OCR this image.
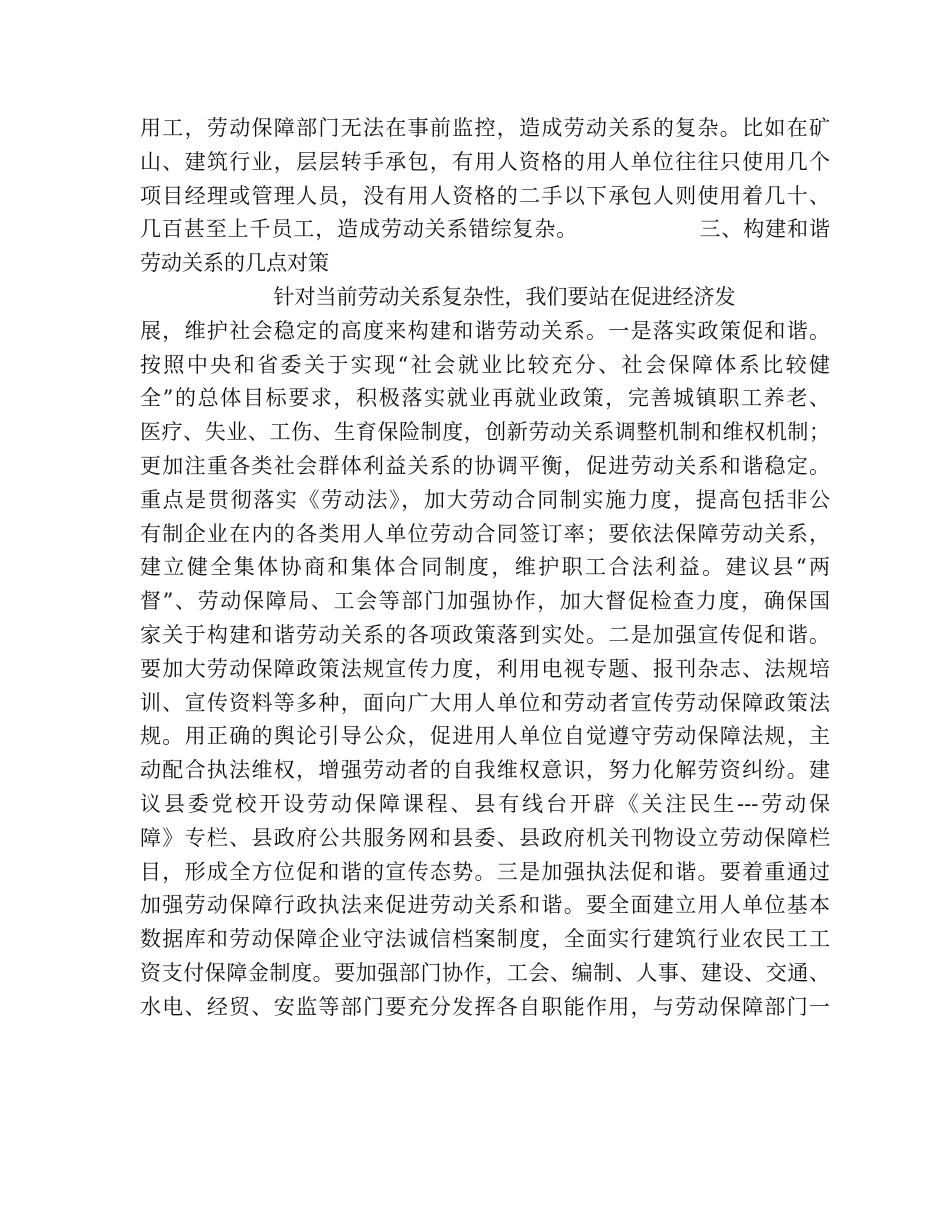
用工，劳动保障部门无法在事前监控，造成劳动关系的复杂。比如在矿
山、建筑行业，层层转手承包，有用人资格的用人单位往往只使用几个
项目经理或管理人员，没有用人资格的二手以下承包人则使用着几十、
几百甚至上千员工，造成劳动关系错综复杂。                三、构建和谐
劳动关系的几点对策
针对当前劳动关系复杂性，我们要站在促进经济发
展，维护社会稳定的高度来构建和谐劳动关系。一是落实政策促和谐。
按照中央和省委关于实现“社会就业比较充分、社会保障体系比较健
全”的总体目标要求，积极落实就业再就业政策，完善城镇职工养老、
医疗、失业、工伤、生育保险制度，创新劳动关系调整机制和维权机制；
更加注重各类社会群体利益关系的协调平衡，促进劳动关系和谐稳定。
重点是贯彻落实《劳动法》，加大劳动合同制实施力度，提高包括非公
有制企业在内的各类用人单位劳动合同签订率；要依法保障劳动关系，
建立健全集体协商和集体合同制度，维护职工合法利益。建议县“两
督”、劳动保障局、工会等部门加强协作，加大督促检查力度，确保国
家关于构建和谐劳动关系的各项政策落到实处。二是加强宣传促和谐。
要加大劳动保障政策法规宣传力度，利用电视专题、报刊杂志、法规培
训、宣传资料等多种，面向广大用人单位和劳动者宣传劳动保障政策法
规。用正确的舆论引导公众，促进用人单位自觉遵守劳动保障法规，主
动配合执法维权，增强劳动者的自我维权意识，努力化解劳资纠纷。建
议县委党校开设劳动保障课程、县有线台开辟《关注民生---劳动保
障》专栏、县政府公共服务网和县委、县政府机关刊物设立劳动保障栏
目，形成全方位促和谐的宣传态势。三是加强执法促和谐。要着重通过
加强劳动保障行政执法来促进劳动关系和谐。要全面建立用人单位基本
数据库和劳动保障企业守法诚信档案制度，全面实行建筑行业农民工工
资支付保障金制度。要加强部门协作，工会、编制、人事、建设、交通、
水电、经贸、安监等部门要充分发挥各自职能作用，与劳动保障部门一
